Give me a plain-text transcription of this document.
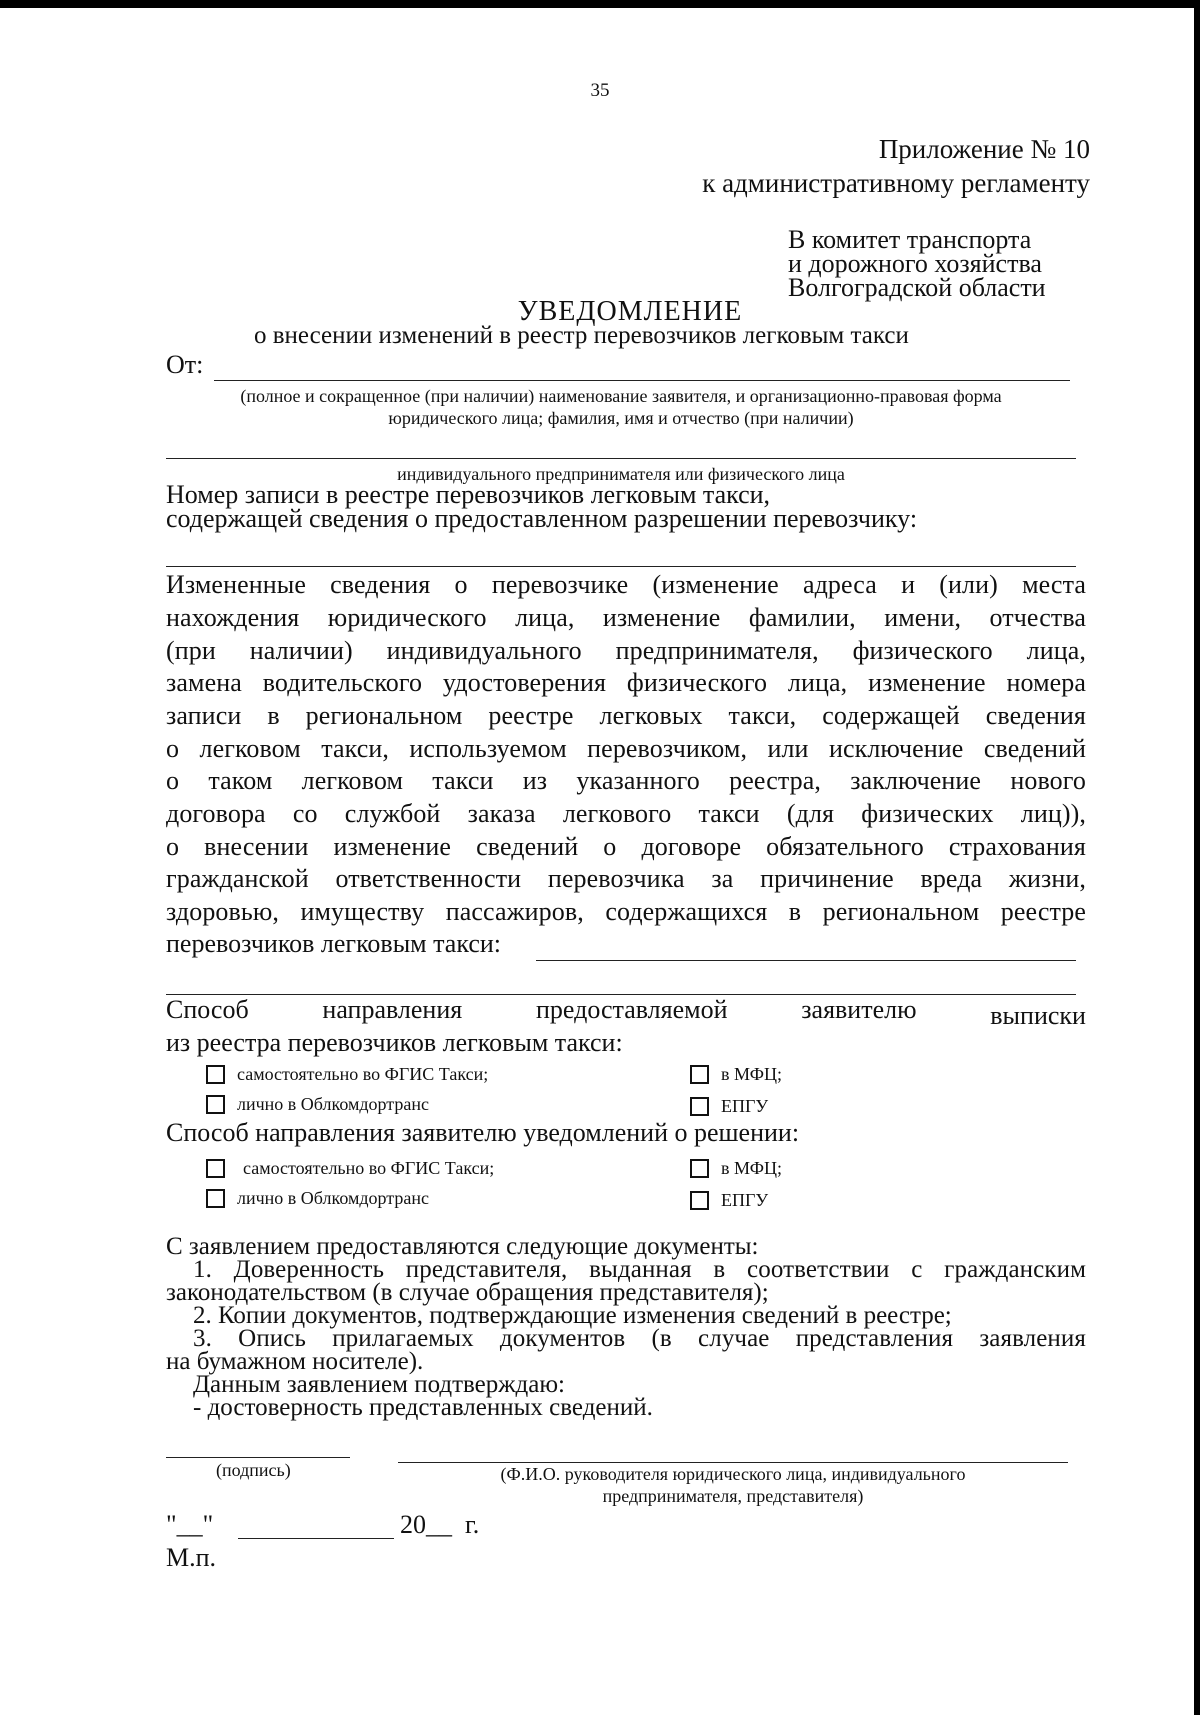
35
Приложение № 10
к административному регламенту
В комитет транспорта
и дорожного хозяйства
Волгоградской области
УВЕДОМЛЕНИЕ
о внесении изменений в реестр перевозчиков легковым такси
От:
(полное и сокращенное (при наличии) наименование заявителя, и организационно-правовая форма
юридического лица; фамилия, имя и отчество (при наличии)
индивидуального предпринимателя или физического лица
Номер записи в реестре перевозчиков легковым такси,
содержащей сведения о предоставленном разрешении перевозчику:
Измененные сведения о перевозчике (изменение адреса и (или) места
нахождения юридического лица, изменение фамилии, имени, отчества
(при наличии) индивидуального предпринимателя, физического лица,
замена водительского удостоверения физического лица, изменение номера
записи в региональном реестре легковых такси, содержащей сведения
о легковом такси, используемом перевозчиком, или исключение сведений
о таком легковом такси из указанного реестра, заключение нового
договора со службой заказа легкового такси (для физических лиц)),
о внесении изменение сведений о договоре обязательного страхования
гражданской ответственности перевозчика за причинение вреда жизни,
здоровью, имуществу пассажиров, содержащихся в региональном реестре
перевозчиков легковым такси:
Способ	направления	предоставляемой	заявителю	выписки
из реестра перевозчиков легковым такси:
самостоятельно во ФГИС Такси;	в МФЦ;
лично в Облкомдортранс	ЕПГУ
Способ направления заявителю уведомлений о решении:
самостоятельно во ФГИС Такси;	в МФЦ;
лично в Облкомдортранс	ЕПГУ
С заявлением предоставляются следующие документы:
1. Доверенность представителя, выданная в соответствии с гражданским
законодательством (в случае обращения представителя);
2. Копии документов, подтверждающие изменения сведений в реестре;
3. Опись прилагаемых документов (в случае представления заявления
на бумажном носителе).
Данным заявлением подтверждаю:
- достоверность представленных сведений.
(подпись)	(Ф.И.О. руководителя юридического лица, индивидуального
предпринимателя, представителя)
"__"	20__ г.
М.п.
